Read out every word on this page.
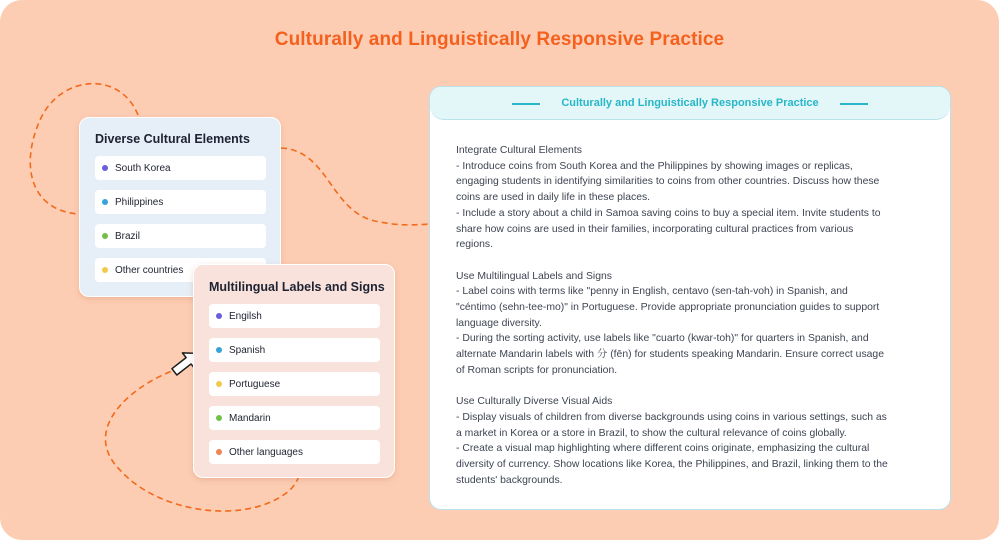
Culturally and Linguistically Responsive Practice
Diverse Cultural Elements
South Korea
Philippines
Brazil
Other countries
Multilingual Labels and Signs
Engilsh
Spanish
Portuguese
Mandarin
Other languages
Culturally and Linguistically Responsive Practice

Integrate Cultural Elements

- Introduce coins from South Korea and the Philippines by showing images or replicas,

engaging students in identifying similarities to coins from other countries. Discuss how these

coins are used in daily life in these places.

- Include a story about a child in Samoa saving coins to buy a special item. Invite students to

share how coins are used in their families, incorporating cultural practices from various

regions.

Use Multilingual Labels and Signs

- Label coins with terms like "penny in English, centavo (sen-tah-voh) in Spanish, and

"céntimo (sehn-tee-mo)" in Portuguese. Provide appropriate pronunciation guides to support

language diversity.

- During the sorting activity, use labels like "cuarto (kwar-toh)" for quarters in Spanish, and

alternate Mandarin labels with 分 (fēn) for students speaking Mandarin. Ensure correct usage

of Roman scripts for pronunciation.

Use Culturally Diverse Visual Aids

- Display visuals of children from diverse backgrounds using coins in various settings, such as

a market in Korea or a store in Brazil, to show the cultural relevance of coins globally.

- Create a visual map highlighting where different coins originate, emphasizing the cultural

diversity of currency. Show locations like Korea, the Philippines, and Brazil, linking them to the

students' backgrounds.
